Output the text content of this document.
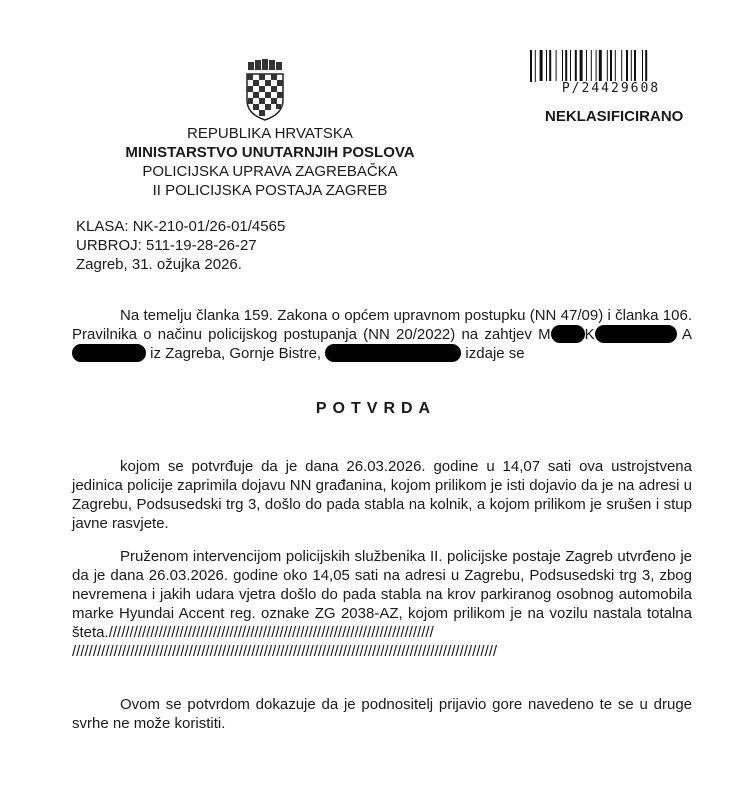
P/24429608
NEKLASIFICIRANO
REPUBLIKA HRVATSKA
MINISTARSTVO UNUTARNJIH POSLOVA
POLICIJSKA UPRAVA ZAGREBAČKA
II POLICIJSKA POSTAJA ZAGREB
KLASA: NK-210-01/26-01/4565
URBROJ: 511-19-28-26-27
Zagreb, 31. ožujka 2026.
Na temelju članka 159. Zakona o općem upravnom postupku (NN 47/09) i članka 106. Pravilnika o načinu policijskog postupanja (NN 20/2022) na zahtjev M K	A iz Zagreba, Gornje Bistre,	izdaje se
POTVRDA
kojom se potvrđuje da je dana 26.03.2026. godine u 14,07 sati ova ustrojstvena jedinica policije zaprimila dojavu NN građanina, kojom prilikom je isti dojavio da je na adresi u Zagrebu, Podsusedski trg 3, došlo do pada stabla na kolnik, a kojom prilikom je srušen i stup javne rasvjete.
Pruženom intervencijom policijskih službenika II. policijske postaje Zagreb utvrđeno je da je dana 26.03.2026. godine oko 14,05 sati na adresi u Zagrebu, Podsusedski trg 3, zbog nevremena i jakih udara vjetra došlo do pada stabla na krov parkiranog osobnog automobila marke Hyundai Accent reg. oznake ZG 2038-AZ, kojom prilikom je na vozilu nastala totalna šteta.//////////////////////////////////////////////////////////////////////////////
//////////////////////////////////////////////////////////////////////////////////////////////////////
Ovom se potvrdom dokazuje da je podnositelj prijavio gore navedeno te se u druge svrhe ne može koristiti.
